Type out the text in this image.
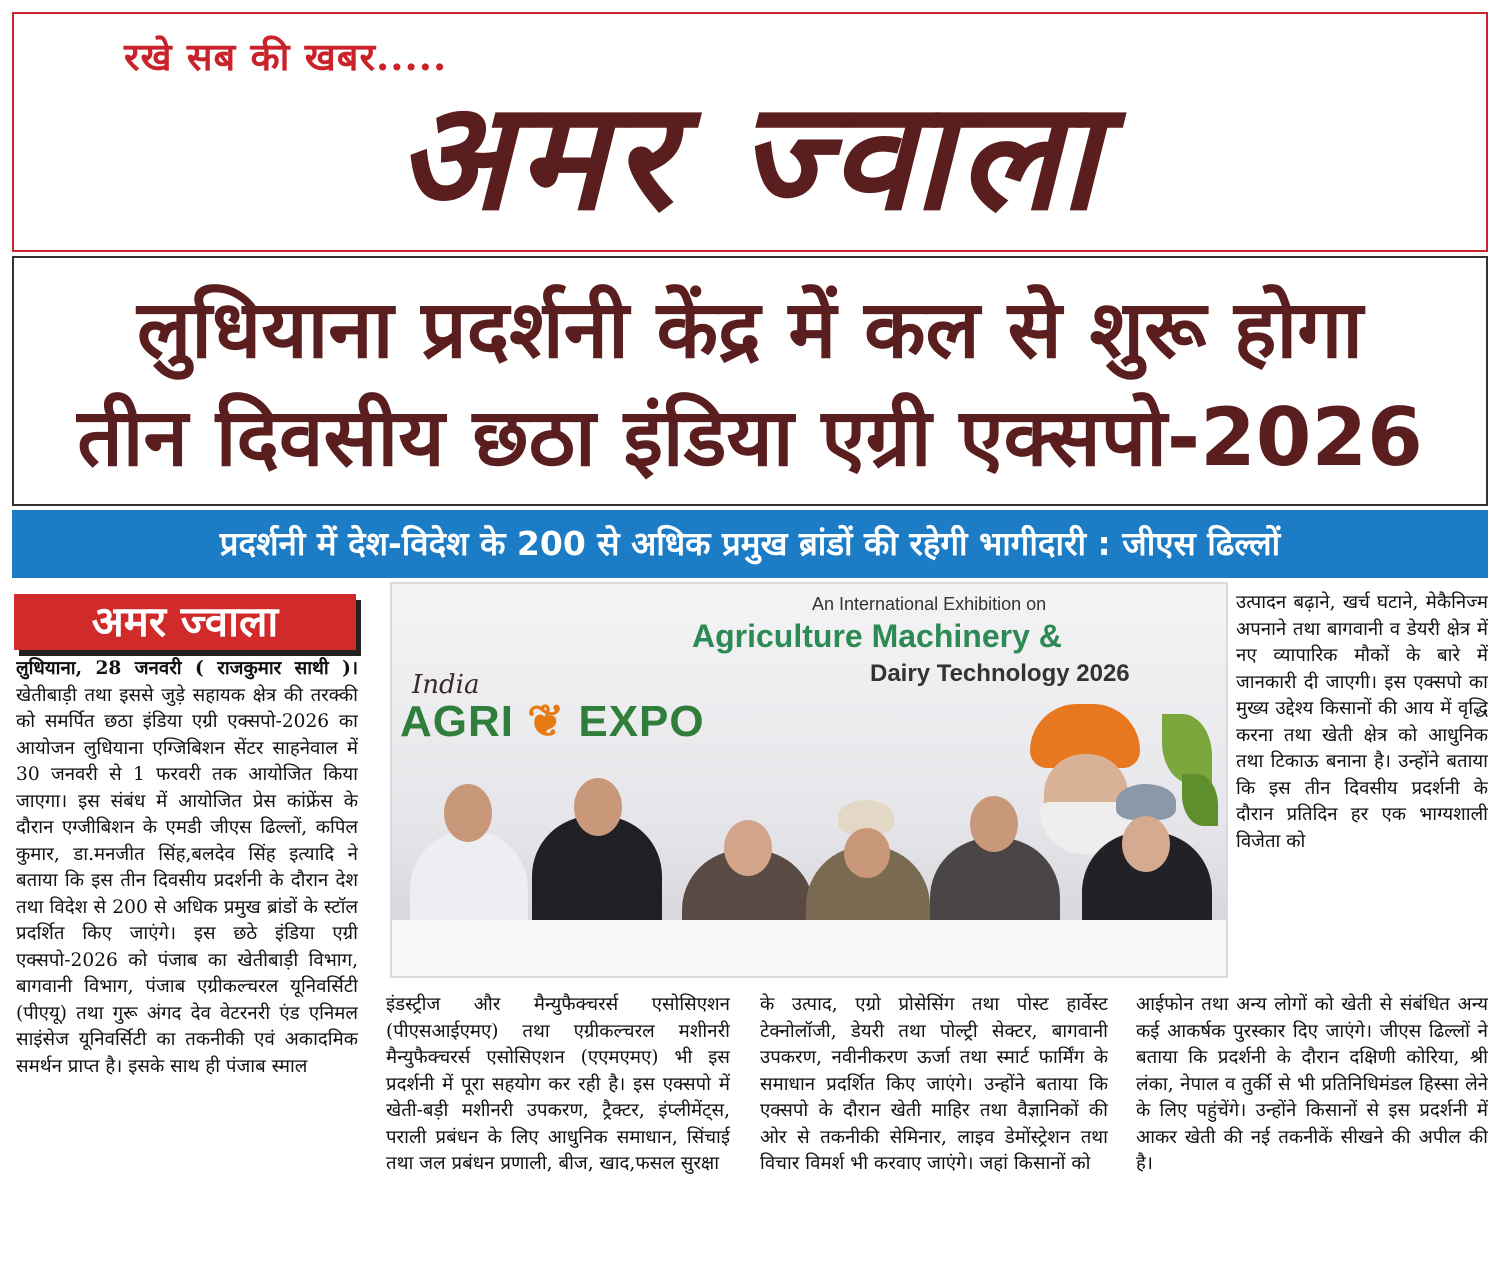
रखे सब की खबर.....
अमर ज्वाला
लुधियाना प्रदर्शनी केंद्र में कल से शुरू होगा
तीन दिवसीय छठा इंडिया एग्री एक्सपो-2026
प्रदर्शनी में देश-विदेश के 200 से अधिक प्रमुख ब्रांडों की रहेगी भागीदारी : जीएस ढिल्लों
अमर ज्वाला
लुधियाना, 28 जनवरी ( राजकुमार साथी )। खेतीबाड़ी तथा इससे जुड़े सहायक क्षेत्र की तरक्की को समर्पित छठा इंडिया एग्री एक्सपो-2026 का आयोजन लुधियाना एग्जिबिशन सेंटर साहनेवाल में 30 जनवरी से 1 फरवरी तक आयोजित किया जाएगा। इस संबंध में आयोजित प्रेस कांफ्रेंस के दौरान एग्जीबिशन के एमडी जीएस ढिल्लों, कपिल कुमार, डा.मनजीत सिंह,बलदेव सिंह इत्यादि ने बताया कि इस तीन दिवसीय प्रदर्शनी के दौरान देश तथा विदेश से 200 से अधिक प्रमुख ब्रांडों के स्टॉल प्रदर्शित किए जाएंगे। इस छठे इंडिया एग्री एक्सपो-2026 को पंजाब का खेतीबाड़ी विभाग, बागवानी विभाग, पंजाब एग्रीकल्चरल यूनिवर्सिटी (पीएयू) तथा गुरू अंगद देव वेटरनरी एंड एनिमल साइंसेज यूनिवर्सिटी का तकनीकी एवं अकादमिक समर्थन प्राप्त है। इसके साथ ही पंजाब स्माल
An International Exhibition on
Agriculture Machinery &
Dairy Technology 2026
India
AGRI ❦ EXPO
इंडस्ट्रीज और मैन्युफैक्चरर्स एसोसिएशन (पीएसआईएमए) तथा एग्रीकल्चरल मशीनरी मैन्युफैक्चरर्स एसोसिएशन (एएमएमए) भी इस प्रदर्शनी में पूरा सहयोग कर रही है। इस एक्सपो में खेती-बड़ी मशीनरी उपकरण, ट्रैक्टर, इंप्लीमेंट्स, पराली प्रबंधन के लिए आधुनिक समाधान, सिंचाई तथा जल प्रबंधन प्रणाली, बीज, खाद,फसल सुरक्षा
के उत्पाद, एग्रो प्रोसेसिंग तथा पोस्ट हार्वेस्ट टेक्नोलॉजी, डेयरी तथा पोल्ट्री सेक्टर, बागवानी उपकरण, नवीनीकरण ऊर्जा तथा स्मार्ट फार्मिंग के समाधान प्रदर्शित किए जाएंगे। उन्होंने बताया कि एक्सपो के दौरान खेती माहिर तथा वैज्ञानिकों की ओर से तकनीकी सेमिनार, लाइव डेमोंस्ट्रेशन तथा विचार विमर्श भी करवाए जाएंगे। जहां किसानों को
उत्पादन बढ़ाने, खर्च घटाने, मेकैनिज्म अपनाने तथा बागवानी व डेयरी क्षेत्र में नए व्यापारिक मौकों के बारे में जानकारी दी जाएगी। इस एक्सपो का मुख्य उद्देश्य किसानों की आय में वृद्धि करना तथा खेती क्षेत्र को आधुनिक तथा टिकाऊ बनाना है। उन्होंने बताया कि इस तीन दिवसीय प्रदर्शनी के दौरान प्रतिदिन हर एक भाग्यशाली विजेता को
आईफोन तथा अन्य लोगों को खेती से संबंधित अन्य कई आकर्षक पुरस्कार दिए जाएंगे। जीएस ढिल्लों ने बताया कि प्रदर्शनी के दौरान दक्षिणी कोरिया, श्री लंका, नेपाल व तुर्की से भी प्रतिनिधिमंडल हिस्सा लेने के लिए पहुंचेंगे। उन्होंने किसानों से इस प्रदर्शनी में आकर खेती की नई तकनीकें सीखने की अपील की है।
